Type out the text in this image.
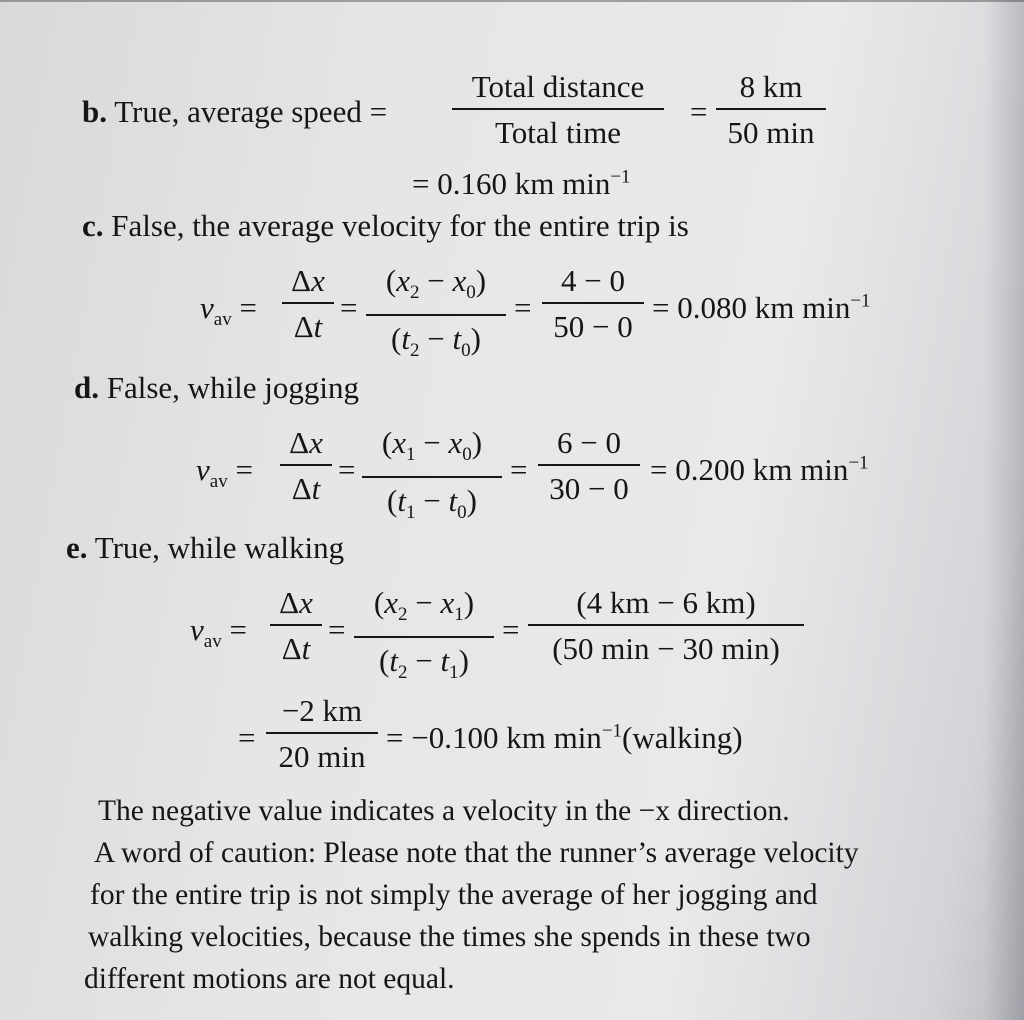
b. True, average speed =
Total distance
Total time
=
8 km
50 min
= 0.160 km $\min^{-1}$
c. False, the average velocity for the entire trip is
$v_{av}$ =
Δx
Δt
=
$(x_2 - x_0)$
$(t_2 - t_0)$
=
4 − 0
50 − 0
= 0.080 km $\min^{-1}$
d. False, while jogging
$v_{av}$ =
Δx
Δt
=
$(x_1 - x_0)$
$(t_1 - t_0)$
=
6 − 0
30 − 0
= 0.200 km $\min^{-1}$
e. True, while walking
$v_{av}$ =
Δx
Δt
=
$(x_2 - x_1)$
$(t_2 - t_1)$
=
(4 km − 6 km)
(50 min − 30 min)
=
−2 km
20 min
= −0.100 km $\min^{-1}(walking)$
The negative value indicates a velocity in the −x direction.
A word of caution: Please note that the runner’s average velocity
for the entire trip is not simply the average of her jogging and
walking velocities, because the times she spends in these two
different motions are not equal.
